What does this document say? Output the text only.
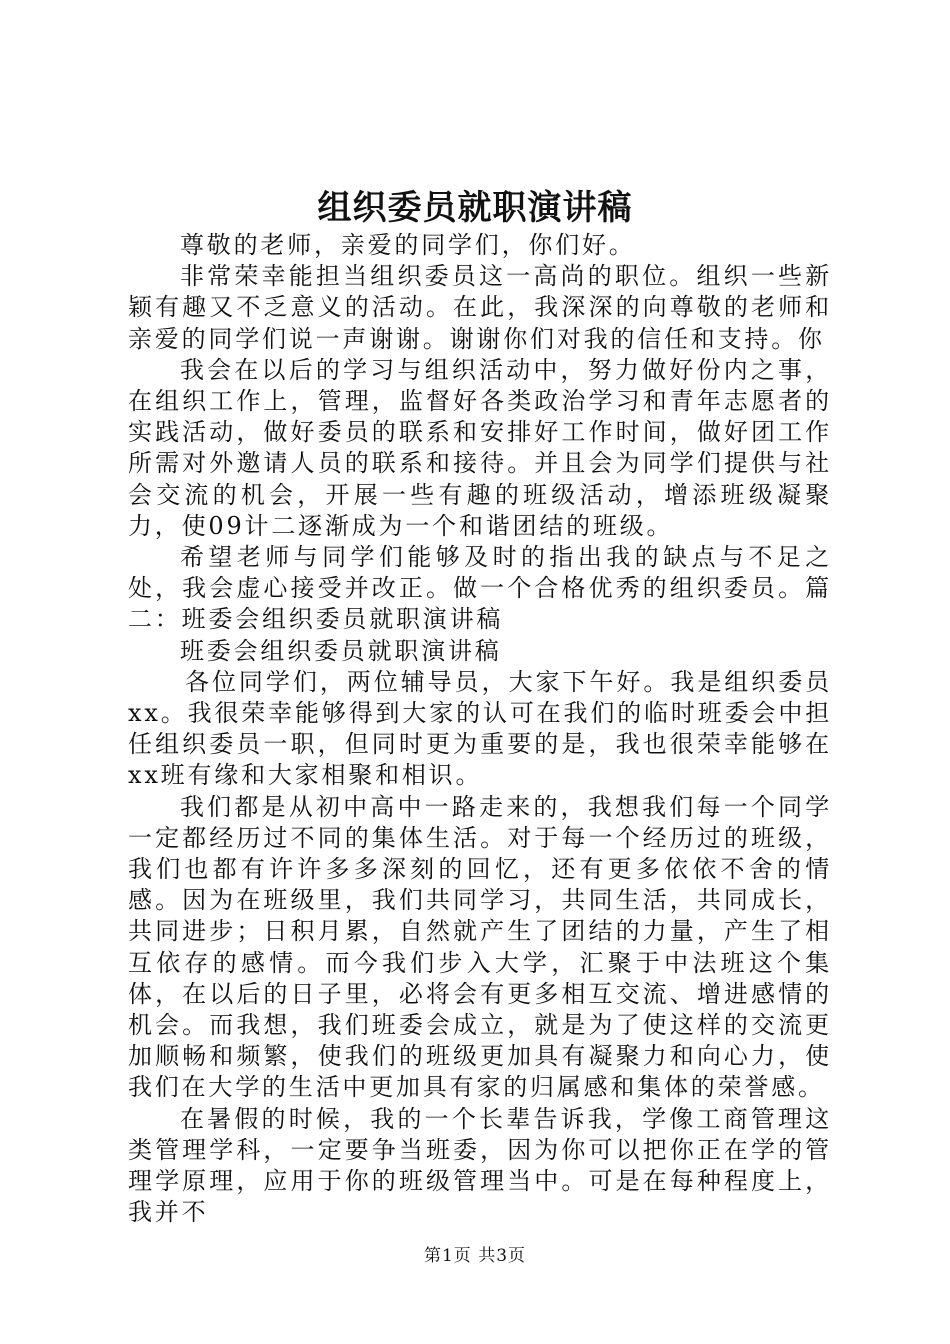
组织委员就职演讲稿

尊敬的老师，亲爱的同学们，你们好。

非常荣幸能担当组织委员这一高尚的职位。组织一些新颖有趣又不乏意义的活动。在此，我深深的向尊敬的老师和亲爱的同学们说一声谢谢。谢谢你们对我的信任和支持。你

我会在以后的学习与组织活动中，努力做好份内之事，在组织工作上，管理，监督好各类政治学习和青年志愿者的实践活动，做好委员的联系和安排好工作时间，做好团工作所需对外邀请人员的联系和接待。并且会为同学们提供与社会交流的机会，开展一些有趣的班级活动，增添班级凝聚力，使09计二逐渐成为一个和谐团结的班级。

希望老师与同学们能够及时的指出我的缺点与不足之处，我会虚心接受并改正。做一个合格优秀的组织委员。篇二：班委会组织委员就职演讲稿

班委会组织委员就职演讲稿

各位同学们，两位辅导员，大家下午好。我是组织委员xx。我很荣幸能够得到大家的认可在我们的临时班委会中担任组织委员一职，但同时更为重要的是，我也很荣幸能够在xx班有缘和大家相聚和相识。

我们都是从初中高中一路走来的，我想我们每一个同学一定都经历过不同的集体生活。对于每一个经历过的班级，我们也都有许许多多深刻的回忆，还有更多依依不舍的情感。因为在班级里，我们共同学习，共同生活，共同成长，共同进步；日积月累，自然就产生了团结的力量，产生了相互依存的感情。而今我们步入大学，汇聚于中法班这个集体，在以后的日子里，必将会有更多相互交流、增进感情的机会。而我想，我们班委会成立，就是为了使这样的交流更加顺畅和频繁，使我们的班级更加具有凝聚力和向心力，使我们在大学的生活中更加具有家的归属感和集体的荣誉感。

在暑假的时候，我的一个长辈告诉我，学像工商管理这类管理学科，一定要争当班委，因为你可以把你正在学的管理学原理，应用于你的班级管理当中。可是在每种程度上，我并不

第1页 共3页
